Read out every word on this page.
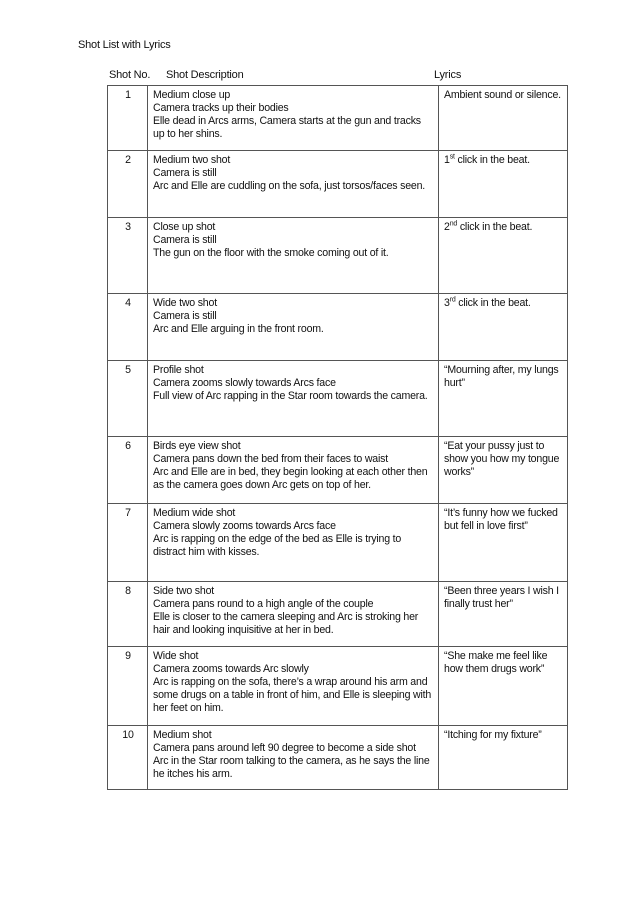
Shot List with Lyrics
Shot No. Shot Description	Lyrics
1	Medium close up
Camera tracks up their bodies
Elle dead in Arcs arms, Camera starts at the gun and tracks up to her shins.	Ambient sound or silence.
2	Medium two shot
Camera is still
Arc and Elle are cuddling on the sofa, just torsos/faces seen.	1st click in the beat.
3	Close up shot
Camera is still
The gun on the floor with the smoke coming out of it.	2nd click in the beat.
4	Wide two shot
Camera is still
Arc and Elle arguing in the front room.	3rd click in the beat.
5	Profile shot
Camera zooms slowly towards Arcs face
Full view of Arc rapping in the Star room towards the camera.	“Mourning after, my lungs hurt”
6	Birds eye view shot
Camera pans down the bed from their faces to waist
Arc and Elle are in bed, they begin looking at each other then as the camera goes down Arc gets on top of her.	“Eat your pussy just to show you how my tongue works”
7	Medium wide shot
Camera slowly zooms towards Arcs face
Arc is rapping on the edge of the bed as Elle is trying to distract him with kisses.	“It’s funny how we fucked but fell in love first”
8	Side two shot
Camera pans round to a high angle of the couple
Elle is closer to the camera sleeping and Arc is stroking her hair and looking inquisitive at her in bed.	“Been three years I wish I finally trust her”
9	Wide shot
Camera zooms towards Arc slowly
Arc is rapping on the sofa, there’s a wrap around his arm and some drugs on a table in front of him, and Elle is sleeping with her feet on him.	“She make me feel like how them drugs work”
10	Medium shot
Camera pans around left 90 degree to become a side shot
Arc in the Star room talking to the camera, as he says the line he itches his arm.	“Itching for my fixture”
